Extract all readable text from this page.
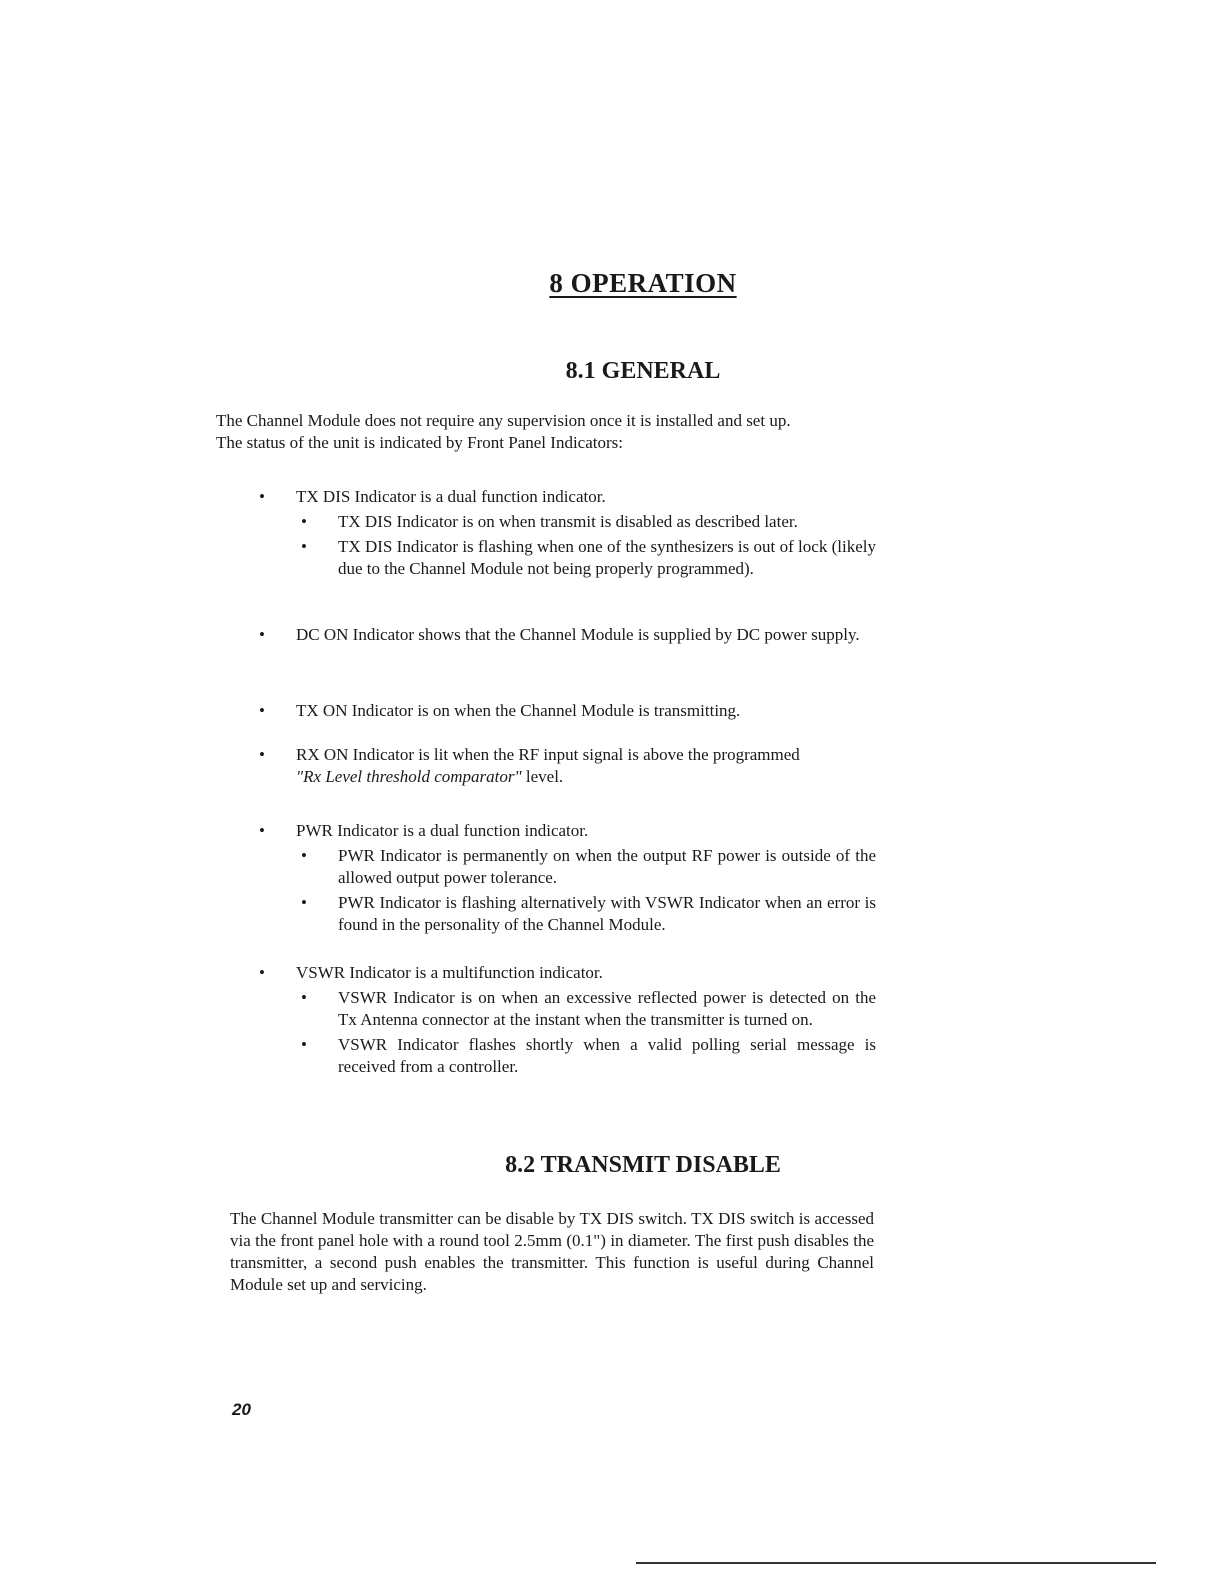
8 OPERATION
8.1 GENERAL

The Channel Module does not require any supervision once it is installed and set up.
The status of the unit is indicated by Front Panel Indicators:

• TX DIS Indicator is a dual function indicator.
• TX DIS Indicator is on when transmit is disabled as described later.
• TX DIS Indicator is flashing when one of the synthesizers is out of lock (likely due to the Channel Module not being properly programmed).
• DC ON Indicator shows that the Channel Module is supplied by DC power supply.
• TX ON Indicator is on when the Channel Module is transmitting.
• RX ON Indicator is lit when the RF input signal is above the programmed
"Rx Level threshold comparator" level.
• PWR Indicator is a dual function indicator.
• PWR Indicator is permanently on when the output RF power is outside of the allowed output power tolerance.
• PWR Indicator is flashing alternatively with VSWR Indicator when an error is found in the personality of the Channel Module.
• VSWR Indicator is a multifunction indicator.
• VSWR Indicator is on when an excessive reflected power is detected on the Tx Antenna connector at the instant when the transmitter is turned on.
• VSWR Indicator flashes shortly when a valid polling serial message is received from a controller.
8.2 TRANSMIT DISABLE

The Channel Module transmitter can be disable by TX DIS switch. TX DIS switch is accessed via the front panel hole with a round tool 2.5mm (0.1") in diameter. The first push disables the transmitter, a second push enables the transmitter. This function is useful during Channel Module set up and servicing.

20
